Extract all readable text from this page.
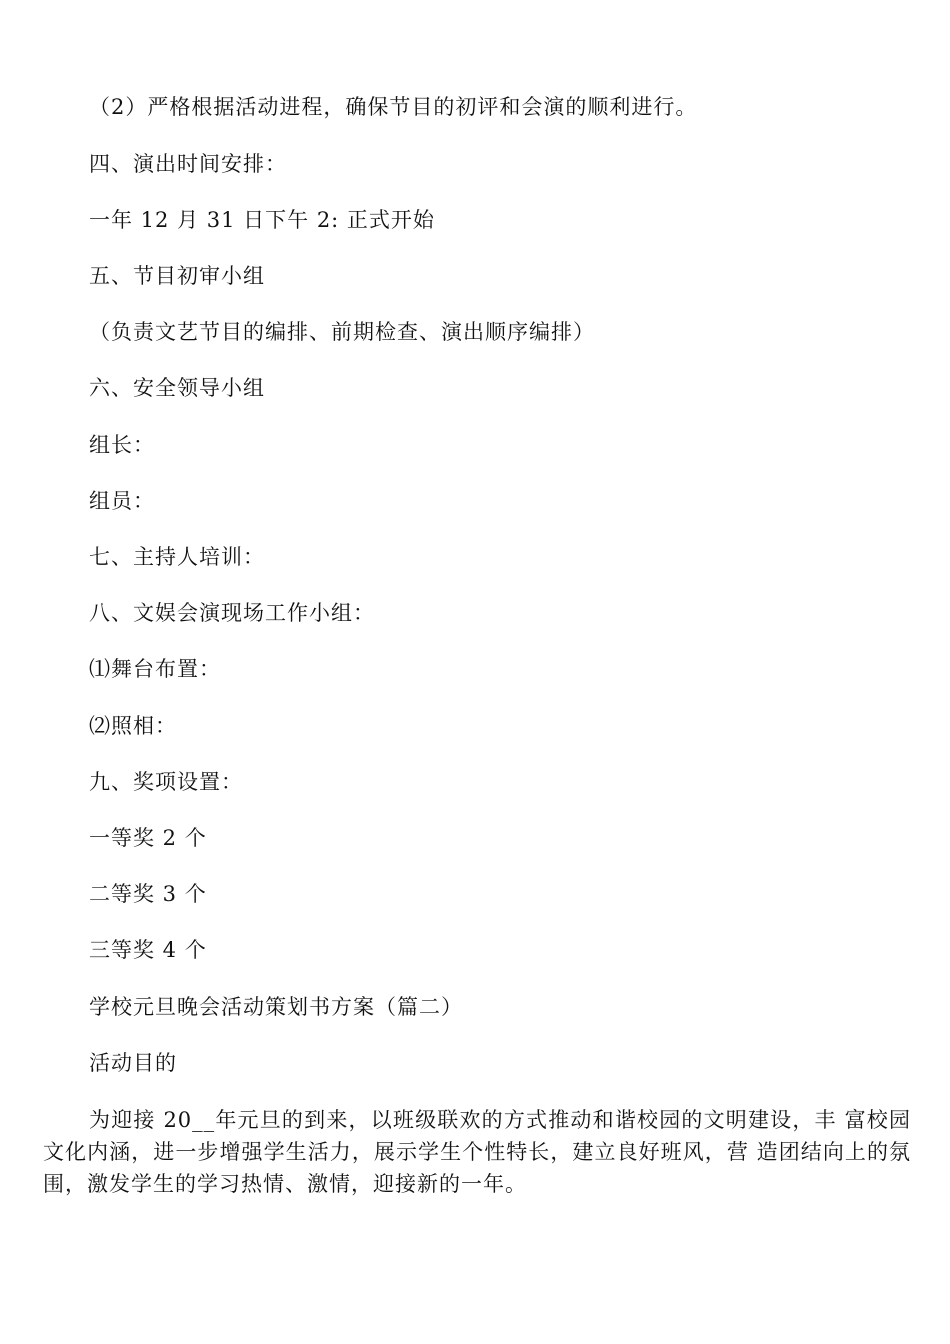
（2）严格根据活动进程，确保节目的初评和会演的顺利进行。
四、演出时间安排：
一年 12 月 31 日下午 2: 正式开始
五、节目初审小组
（负责文艺节目的编排、前期检查、演出顺序编排）
六、安全领导小组
组长：
组员：
七、主持人培训：
八、文娱会演现场工作小组：
⑴舞台布置：
⑵照相：
九、奖项设置：
一等奖 2 个
二等奖 3 个
三等奖 4 个
学校元旦晚会活动策划书方案（篇二）
活动目的
为迎接 20__年元旦的到来，以班级联欢的方式推动和谐校园的文明建设，丰 富校园文化内涵，进一步增强学生活力，展示学生个性特长，建立良好班风，营 造团结向上的氛围，激发学生的学习热情、激情，迎接新的一年。
